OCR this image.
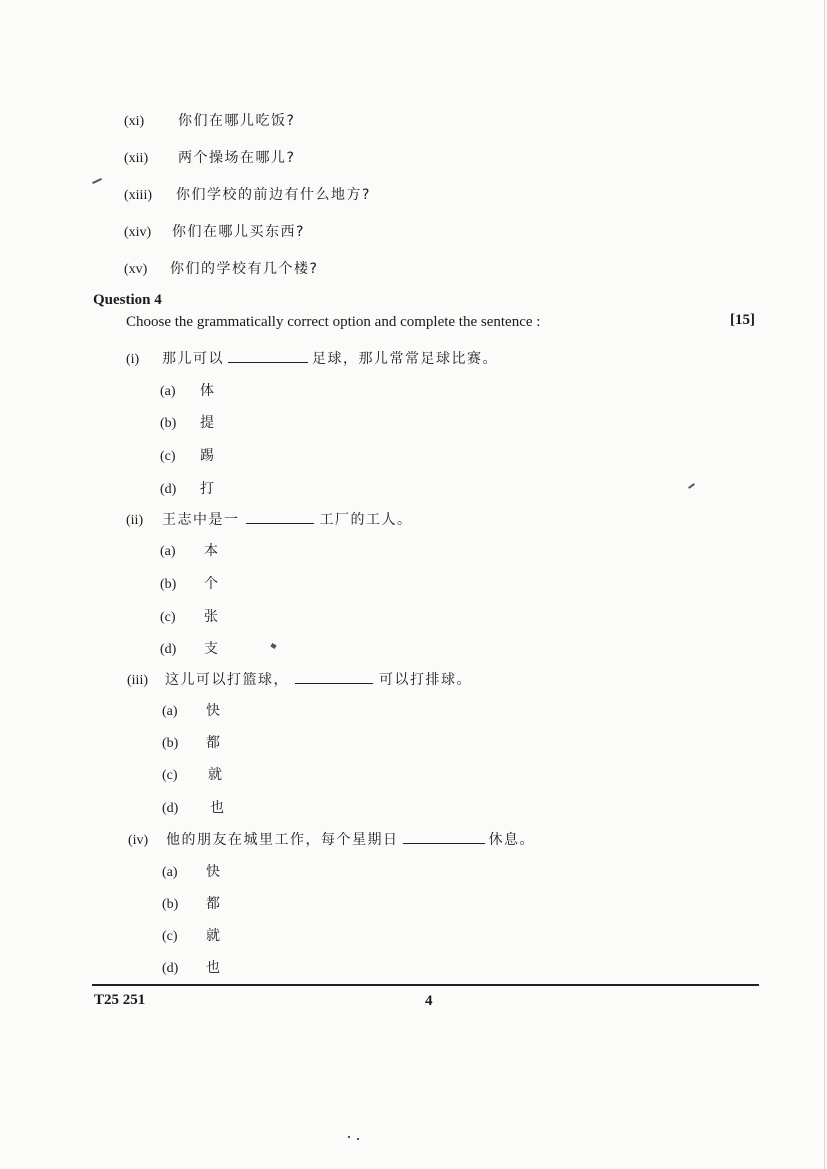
(xi) 你们在哪儿吃饭?
(xii) 两个操场在哪儿?
(xiii) 你们学校的前边有什么地方?
(xiv) 你们在哪儿买东西?
(xv) 你们的学校有几个楼?
Question 4
Choose the grammatically correct option and complete the sentence :	[15]
(i) 那儿可以	足球，那儿常常足球比赛。
(a) 体
(b) 提
(c) 踢
(d) 打
(ii) 王志中是一	工厂的工人。
(a) 本
(b) 个
(c) 张
(d) 支
(iii) 这儿可以打篮球，	可以打排球。
(a) 快
(b) 都
(c) 就
(d) 也
(iv) 他的朋友在城里工作，每个星期日	休息。
(a) 快
(b) 都
(c) 就
(d) 也
T25 251	4
